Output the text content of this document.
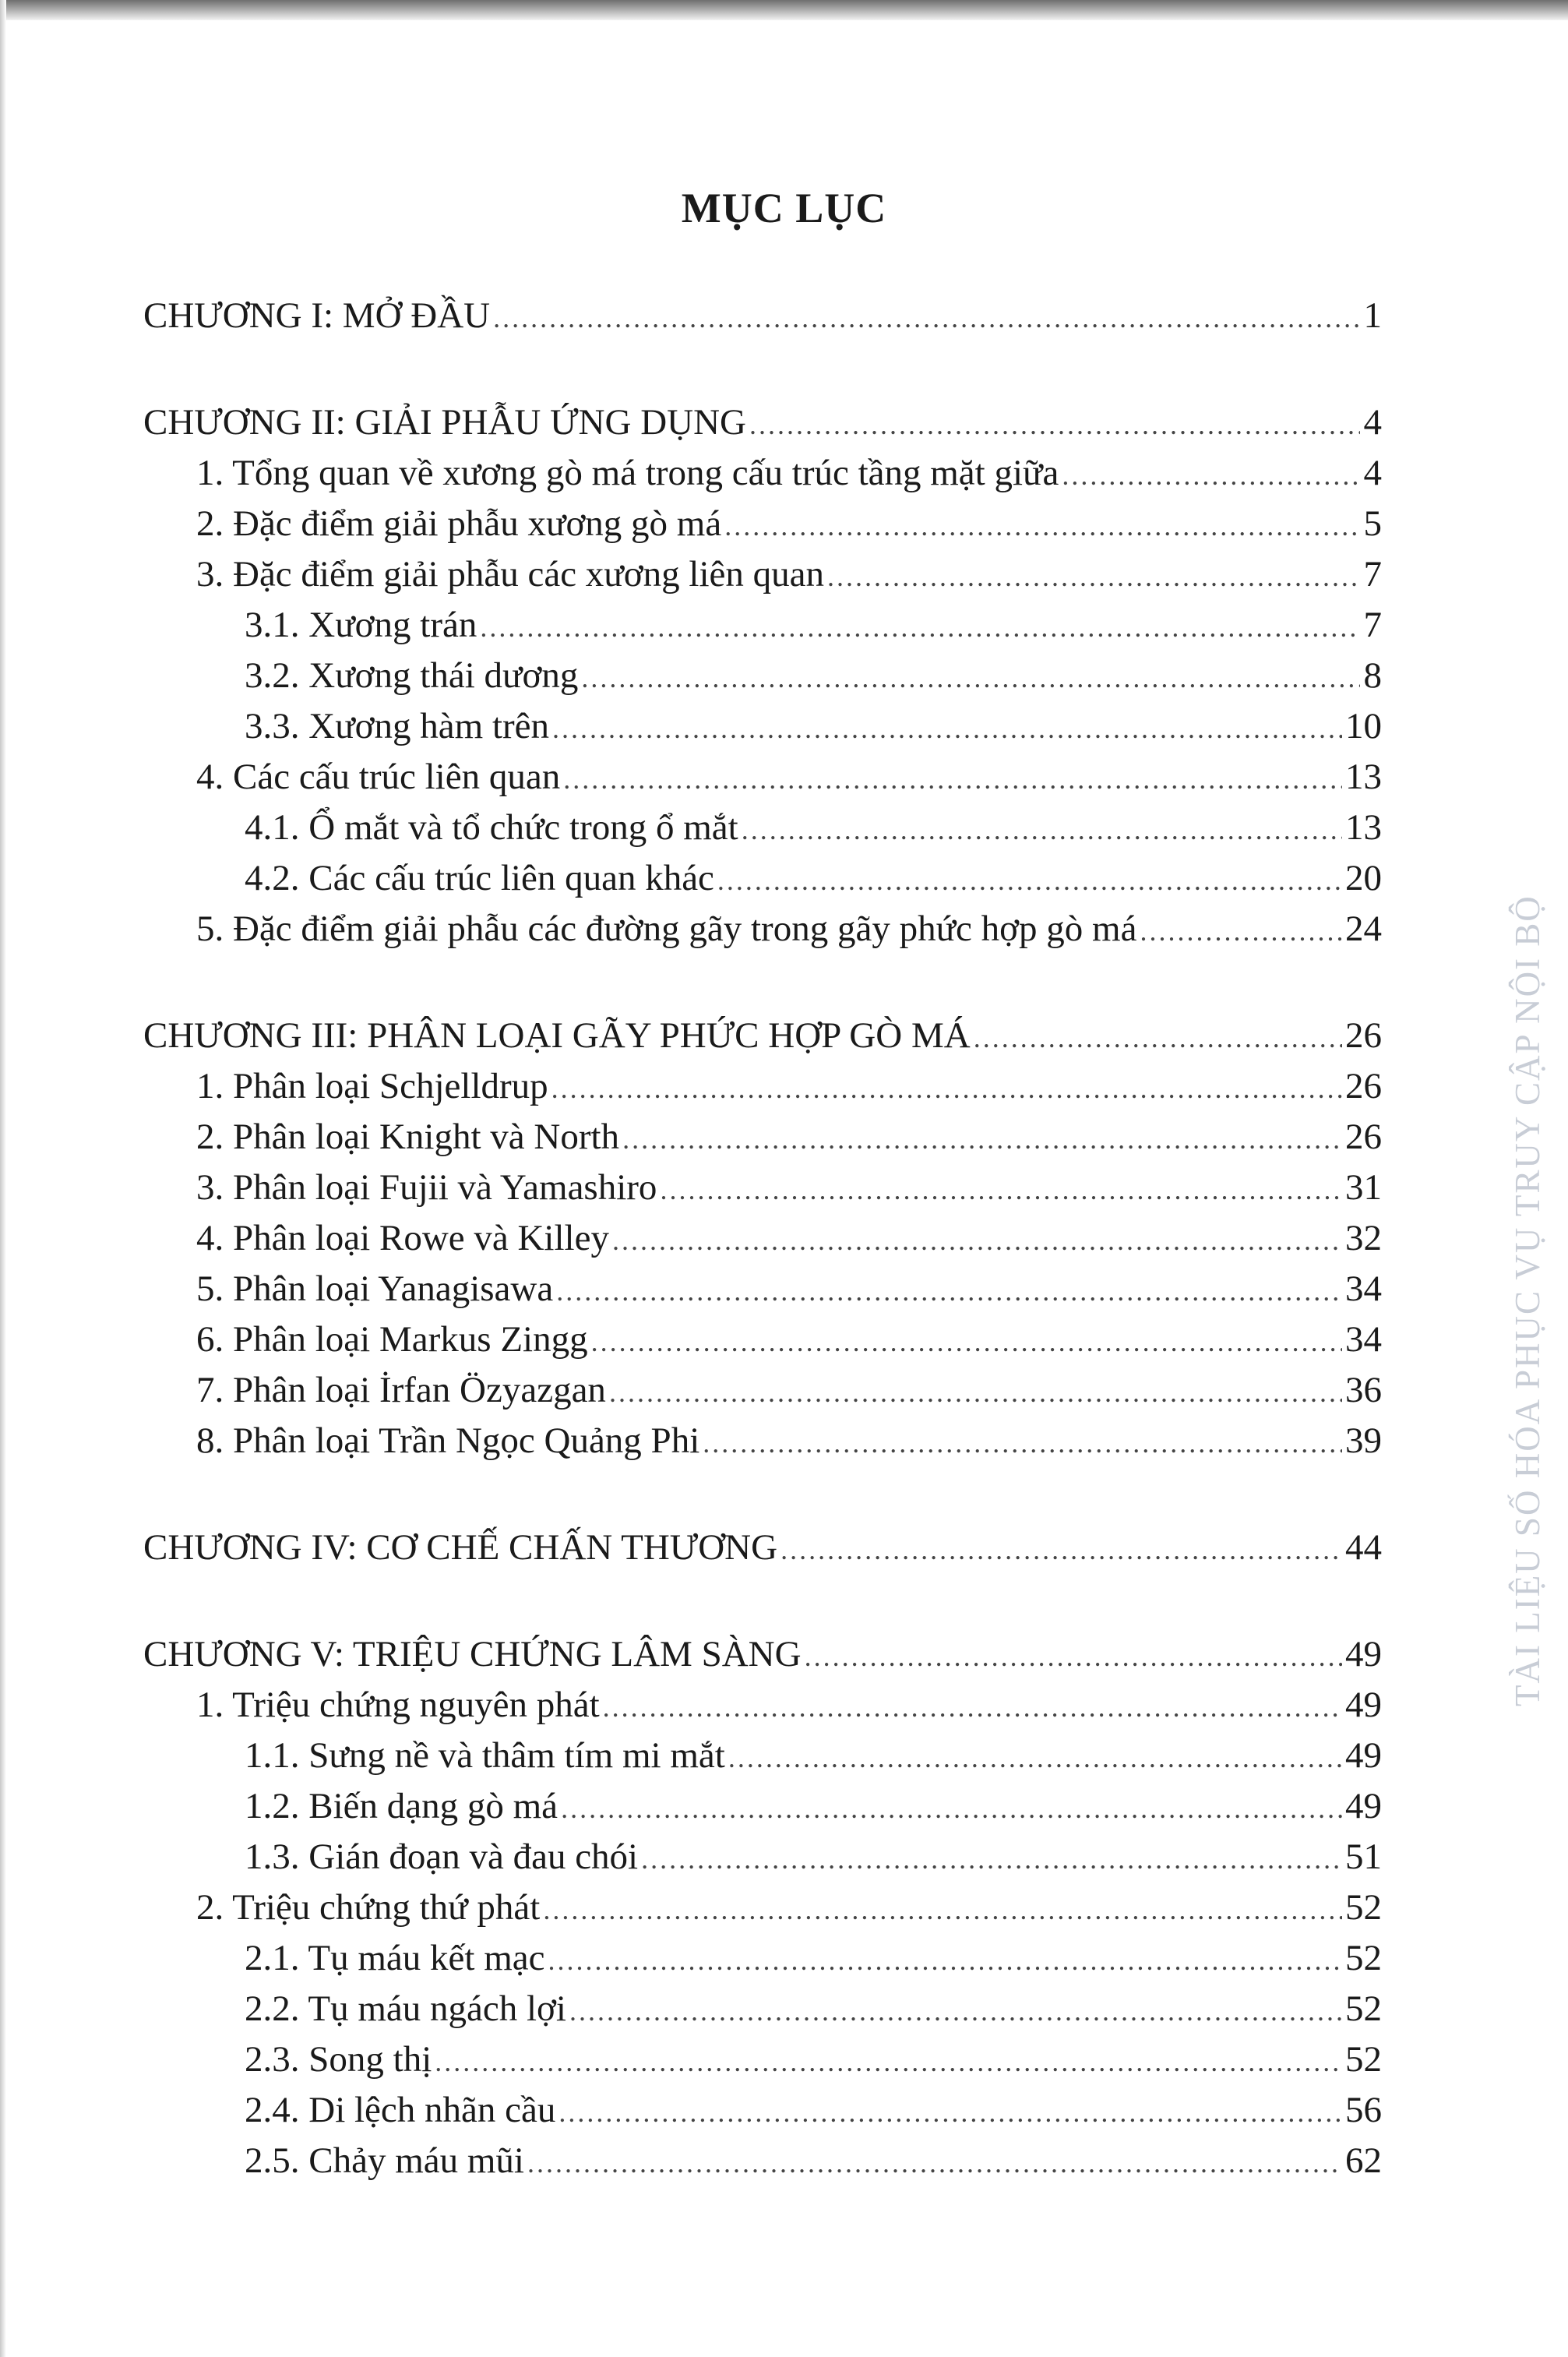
MỤC LỤC
CHƯƠNG I: MỞ ĐẦU .....	1
CHƯƠNG II: GIẢI PHẪU ỨNG DỤNG .....	4
1. Tổng quan về xương gò má trong cấu trúc tầng mặt giữa .....	4
2. Đặc điểm giải phẫu xương gò má .....	5
3. Đặc điểm giải phẫu các xương liên quan .....	7
3.1. Xương trán .....	7
3.2. Xương thái dương .....	8
3.3. Xương hàm trên .....	10
4. Các cấu trúc liên quan .....	13
4.1. Ổ mắt và tổ chức trong ổ mắt .....	13
4.2. Các cấu trúc liên quan khác .....	20
5. Đặc điểm giải phẫu các đường gãy trong gãy phức hợp gò má .....	24
CHƯƠNG III: PHÂN LOẠI GÃY PHỨC HỢP GÒ MÁ .....	26
1. Phân loại Schjelldrup .....	26
2. Phân loại Knight và North .....	26
3. Phân loại Fujii và Yamashiro .....	31
4. Phân loại Rowe và Killey .....	32
5. Phân loại Yanagisawa .....	34
6. Phân loại Markus Zingg .....	34
7. Phân loại İrfan Özyazgan .....	36
8. Phân loại Trần Ngọc Quảng Phi .....	39
CHƯƠNG IV: CƠ CHẾ CHẤN THƯƠNG .....	44
CHƯƠNG V: TRIỆU CHỨNG LÂM SÀNG .....	49
1. Triệu chứng nguyên phát .....	49
1.1. Sưng nề và thâm tím mi mắt .....	49
1.2. Biến dạng gò má .....	49
1.3. Gián đoạn và đau chói .....	51
2. Triệu chứng thứ phát .....	52
2.1. Tụ máu kết mạc .....	52
2.2. Tụ máu ngách lợi .....	52
2.3. Song thị .....	52
2.4. Di lệch nhãn cầu .....	56
2.5. Chảy máu mũi .....	62
TÀI LIỆU SỐ HÓA PHỤC VỤ TRUY CẬP NỘI BỘ
